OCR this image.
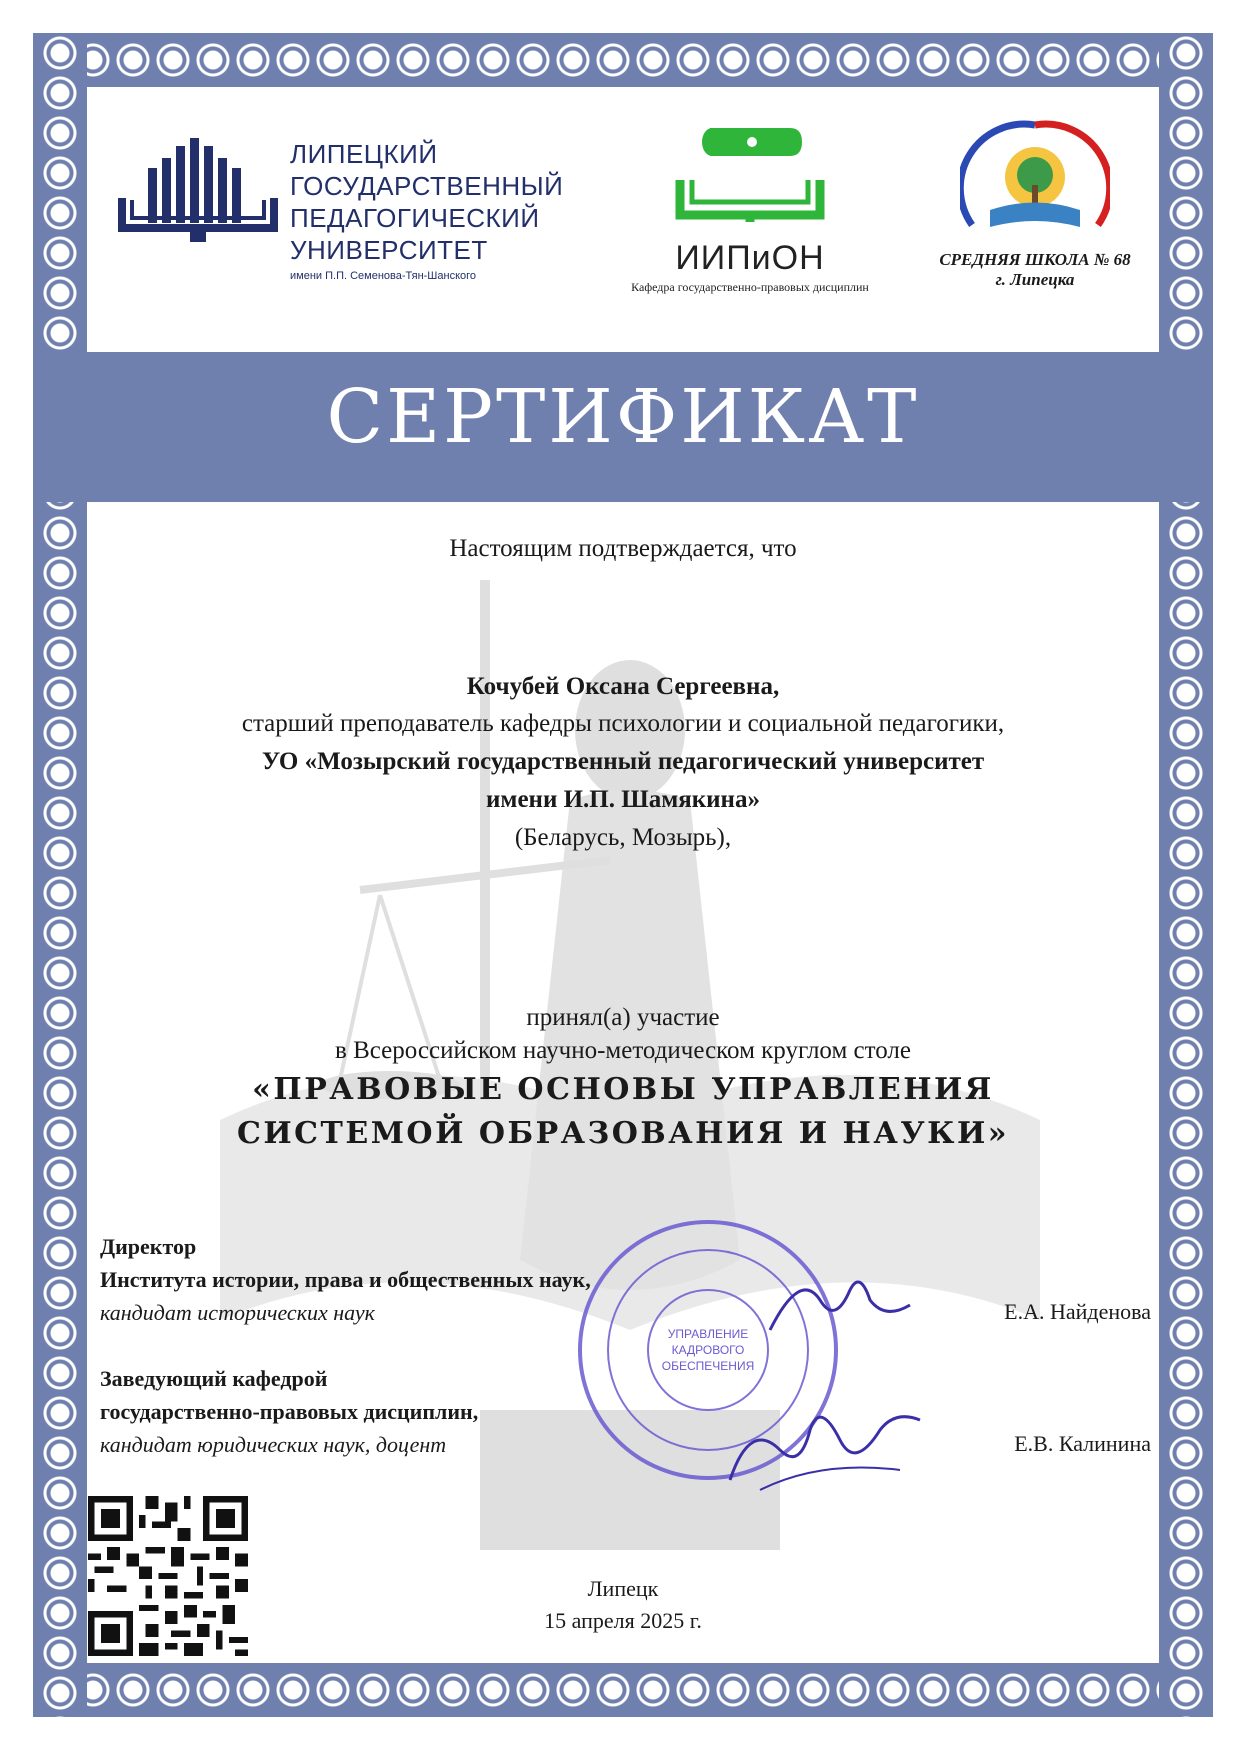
ЛИПЕЦКИЙ
ГОСУДАРСТВЕННЫЙ
ПЕДАГОГИЧЕСКИЙ
УНИВЕРСИТЕТ
имени П.П. Семенова-Тян-Шанского	ИИПиОН
Кафедра государственно-правовых дисциплин
СРЕДНЯЯ ШКОЛА № 68
г. Липецка
СЕРТИФИКАТ
Настоящим подтверждается, что
Кочубей Оксана Сергеевна,
старший преподаватель кафедры психологии и социальной педагогики,
УО «Мозырский государственный педагогический университет
имени И.П. Шамякина»
(Беларусь, Мозырь),
принял(а) участие
в Всероссийском научно-методическом круглом столе
«ПРАВОВЫЕ ОСНОВЫ УПРАВЛЕНИЯ
СИСТЕМОЙ ОБРАЗОВАНИЯ И НАУКИ»
УПРАВЛЕНИЕ
КАДРОВОГО
ОБЕСПЕЧЕНИЯ
Директор
Института истории, права и общественных наук,
кандидат исторических наук	Е.А. Найденова
Заведующий кафедрой
государственно-правовых дисциплин,
кандидат юридических наук, доцент	Е.В. Калинина
Липецк
15 апреля 2025 г.
